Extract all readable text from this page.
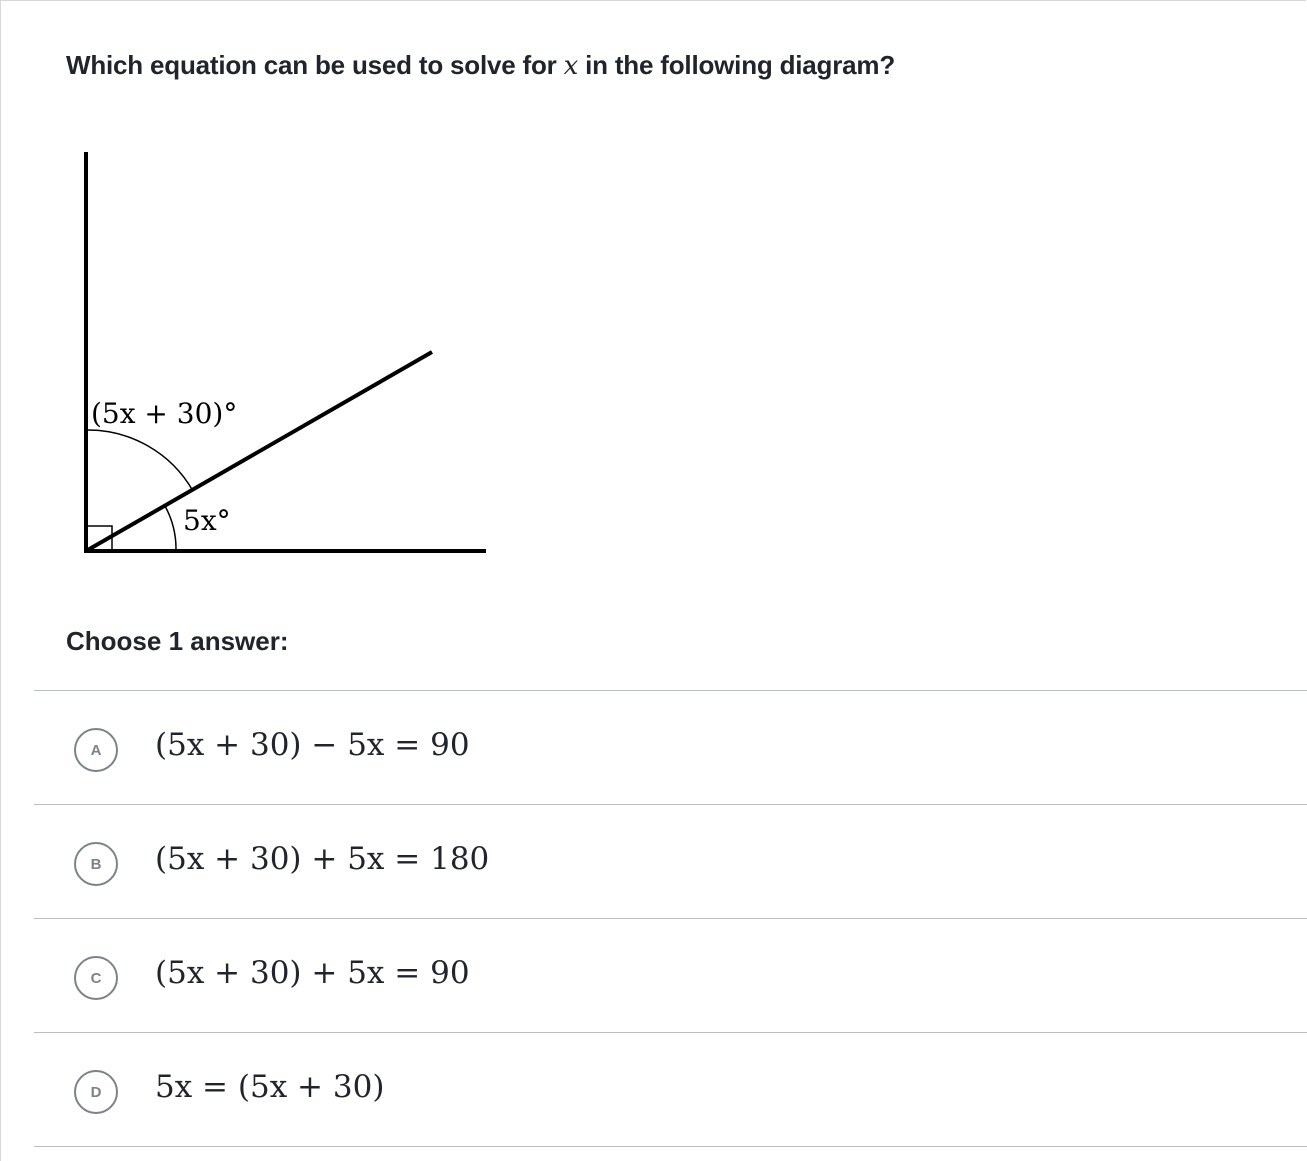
Which equation can be used to solve for x in the following diagram?
(5x + 30)°
5x°
Choose 1 answer:
A	(5x + 30) − 5x = 90
B	(5x + 30) + 5x = 180
C	(5x + 30) + 5x = 90
D	5x = (5x + 30)
